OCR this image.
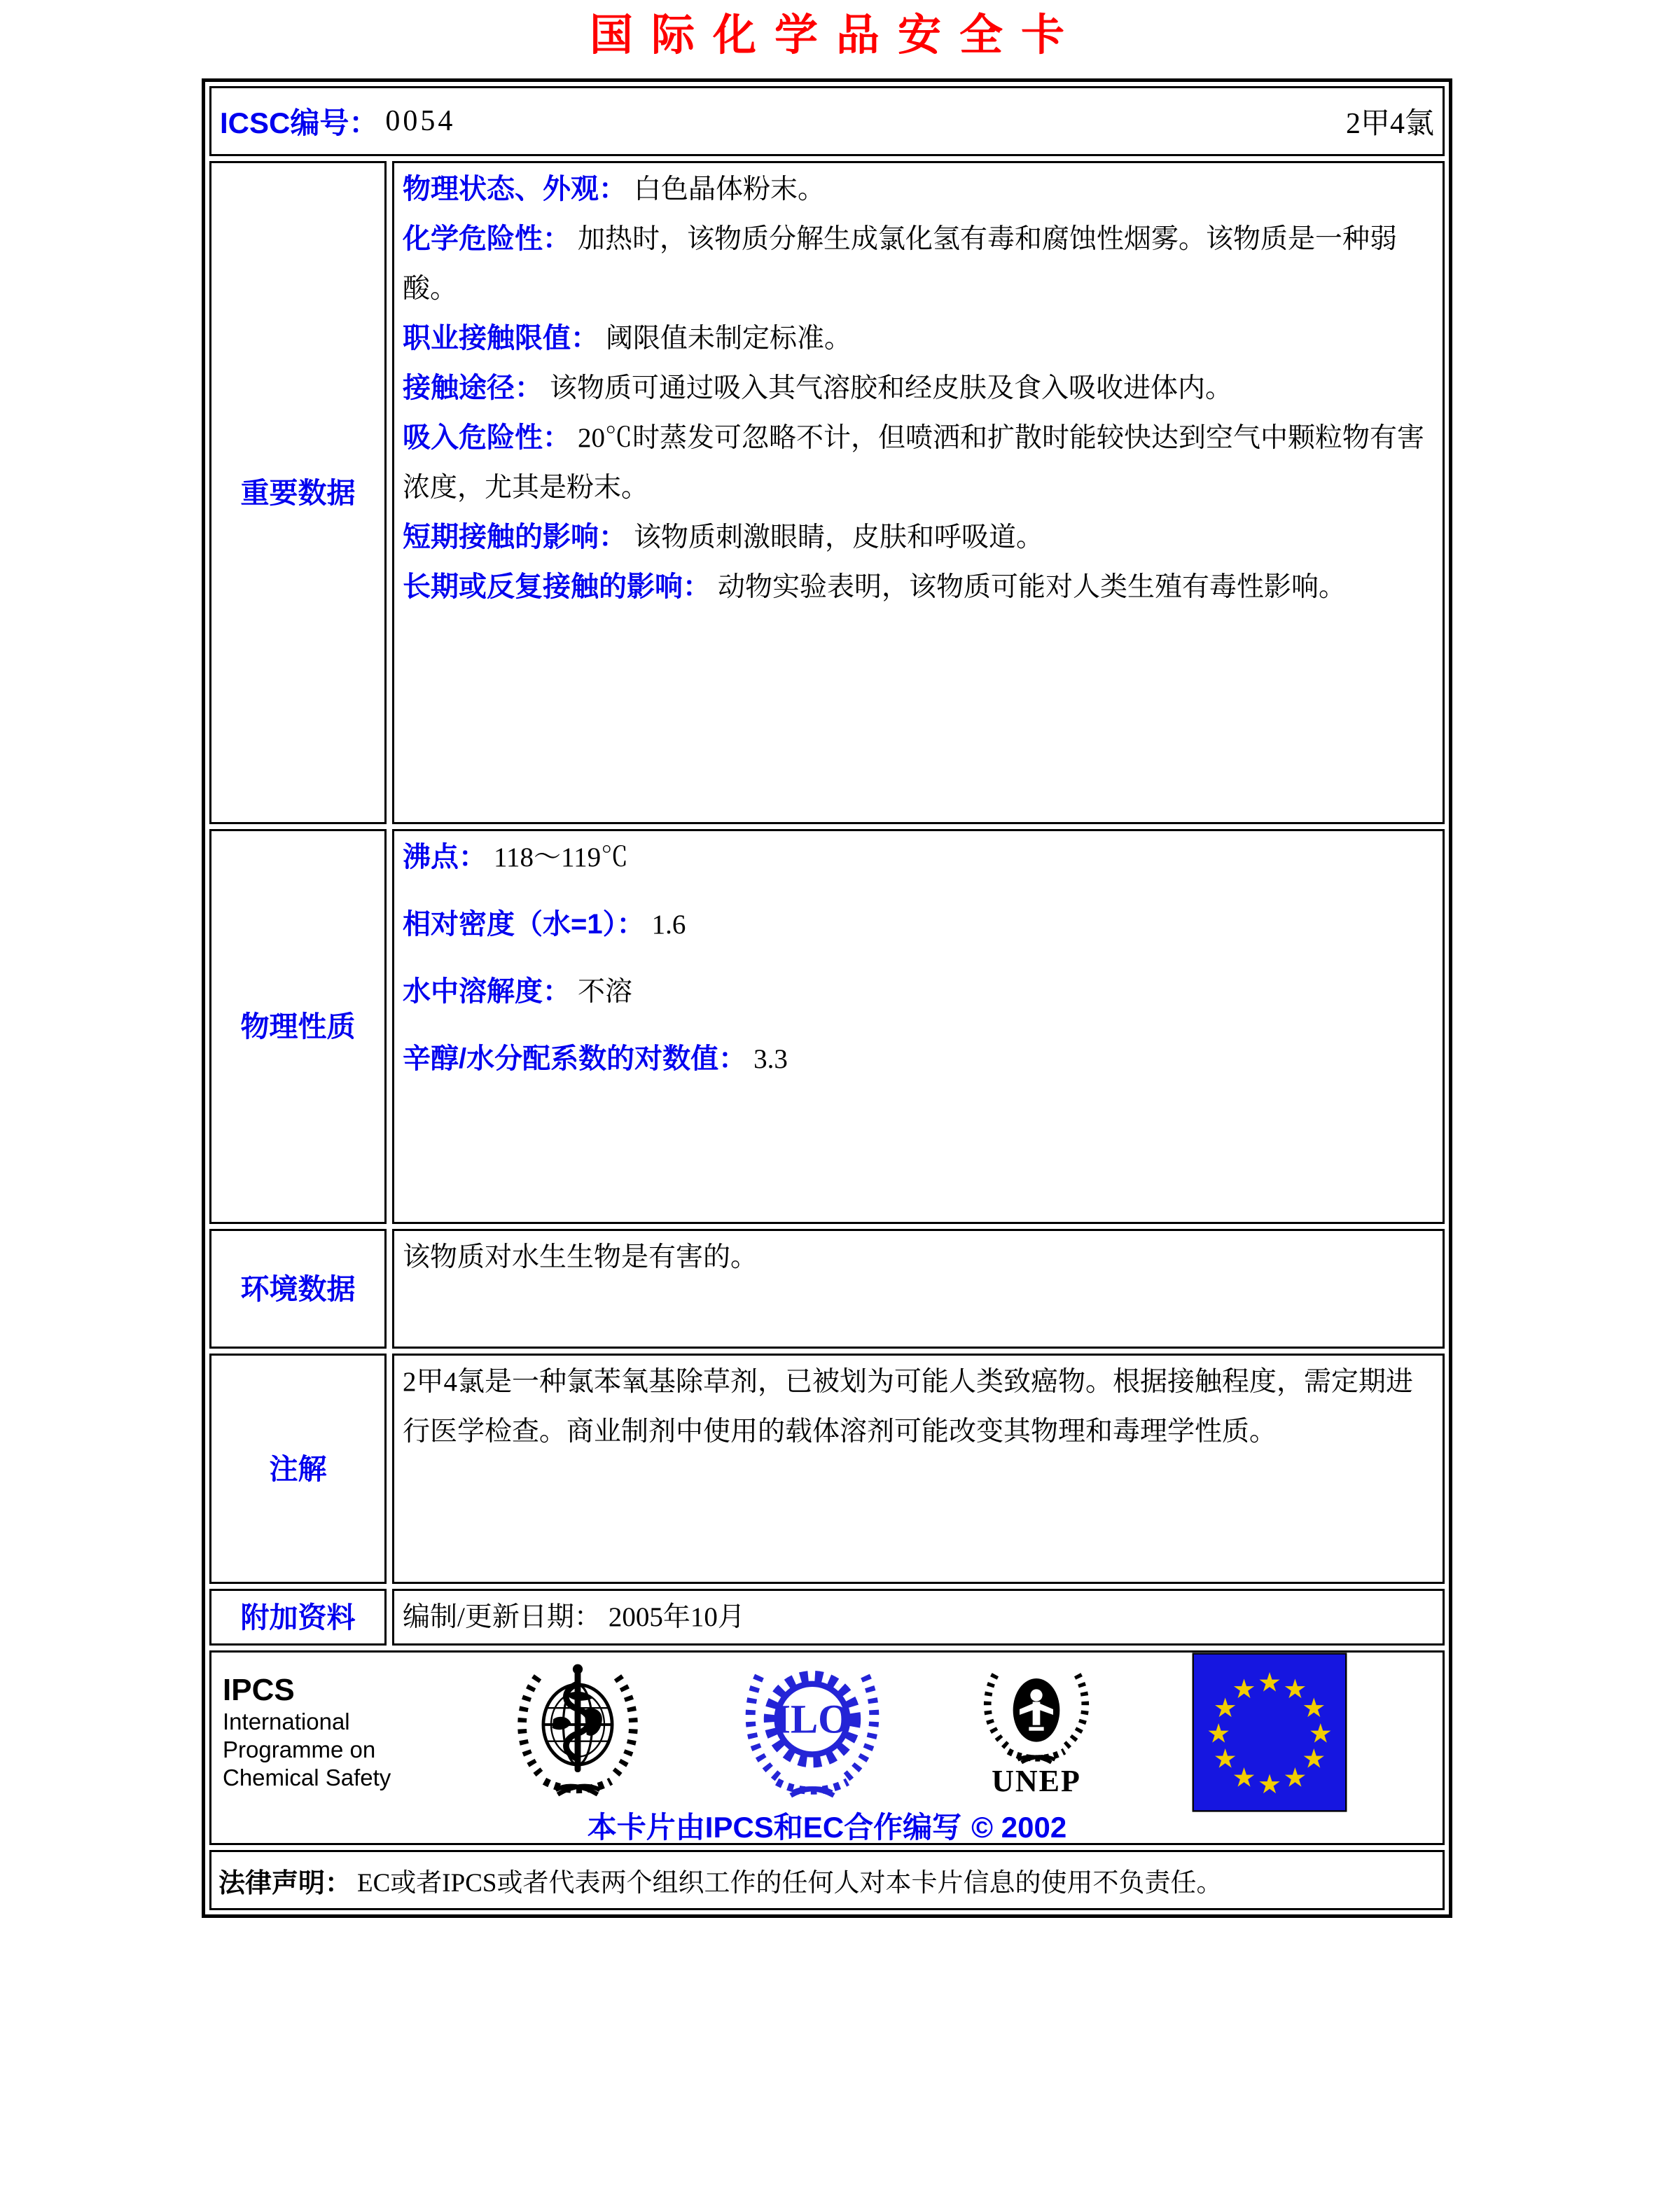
国际化学品安全卡
ICSC编号： 0054	2甲4氯
重要数据

物理状态、外观： 白色晶体粉末。

化学危险性： 加热时，该物质分解生成氯化氢有毒和腐蚀性烟雾。该物质是一种弱酸。

职业接触限值： 阈限值未制定标准。

接触途径： 该物质可通过吸入其气溶胶和经皮肤及食入吸收进体内。

吸入危险性： 20℃时蒸发可忽略不计，但喷洒和扩散时能较快达到空气中颗粒物有害浓度，尤其是粉末。

短期接触的影响： 该物质刺激眼睛，皮肤和呼吸道。

长期或反复接触的影响： 动物实验表明，该物质可能对人类生殖有毒性影响。

物理性质

沸点： 118～119℃

相对密度（水=1）： 1.6

水中溶解度： 不溶

辛醇/水分配系数的对数值： 3.3

环境数据

该物质对水生生物是有害的。

注解

2甲4氯是一种氯苯氧基除草剂，已被划为可能人类致癌物。根据接触程度，需定期进行医学检查。商业制剂中使用的载体溶剂可能改变其物理和毒理学性质。

附加资料	编制/更新日期： 2005年10月

IPCS
International
Programme on
Chemical Safety
ILO
UNEP
★ ★
★
★
★
★
★
★
★
★
★
★
本卡片由IPCS和EC合作编写 © 2002
法律声明： EC或者IPCS或者代表两个组织工作的任何人对本卡片信息的使用不负责任。
